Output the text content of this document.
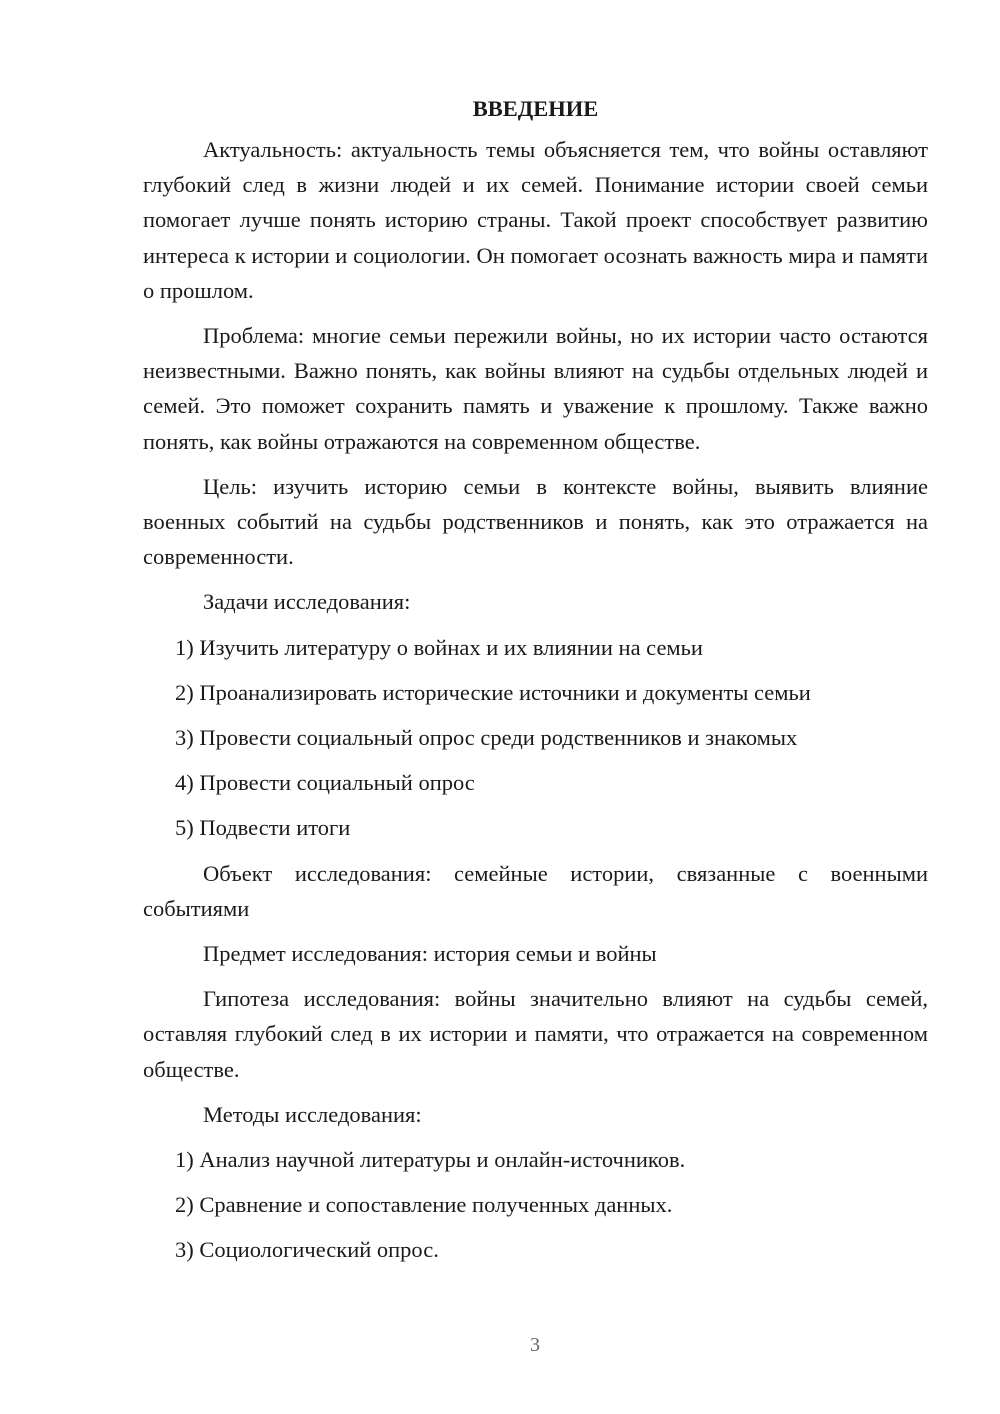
ВВЕДЕНИЕ

Актуальность: актуальность темы объясняется тем, что войны оставляют глубокий след в жизни людей и их семей. Понимание истории своей семьи помогает лучше понять историю страны. Такой проект способствует развитию интереса к истории и социологии. Он помогает осознать важность мира и памяти о прошлом.

Проблема: многие семьи пережили войны, но их истории часто остаются неизвестными. Важно понять, как войны влияют на судьбы отдельных людей и семей. Это поможет сохранить память и уважение к прошлому. Также важно понять, как войны отражаются на современном обществе.

Цель: изучить историю семьи в контексте войны, выявить влияние военных событий на судьбы родственников и понять, как это отражается на современности.

Задачи исследования:
1) Изучить литературу о войнах и их влиянии на семьи
2) Проанализировать исторические источники и документы семьи
3) Провести социальный опрос среди родственников и знакомых
4) Провести социальный опрос
5) Подвести итоги

Объект исследования: семейные истории, связанные с военными событиями

Предмет исследования: история семьи и войны

Гипотеза исследования: войны значительно влияют на судьбы семей, оставляя глубокий след в их истории и памяти, что отражается на современном обществе.

Методы исследования:
1) Анализ научной литературы и онлайн-источников.
2) Сравнение и сопоставление полученных данных.
3) Социологический опрос.
3
